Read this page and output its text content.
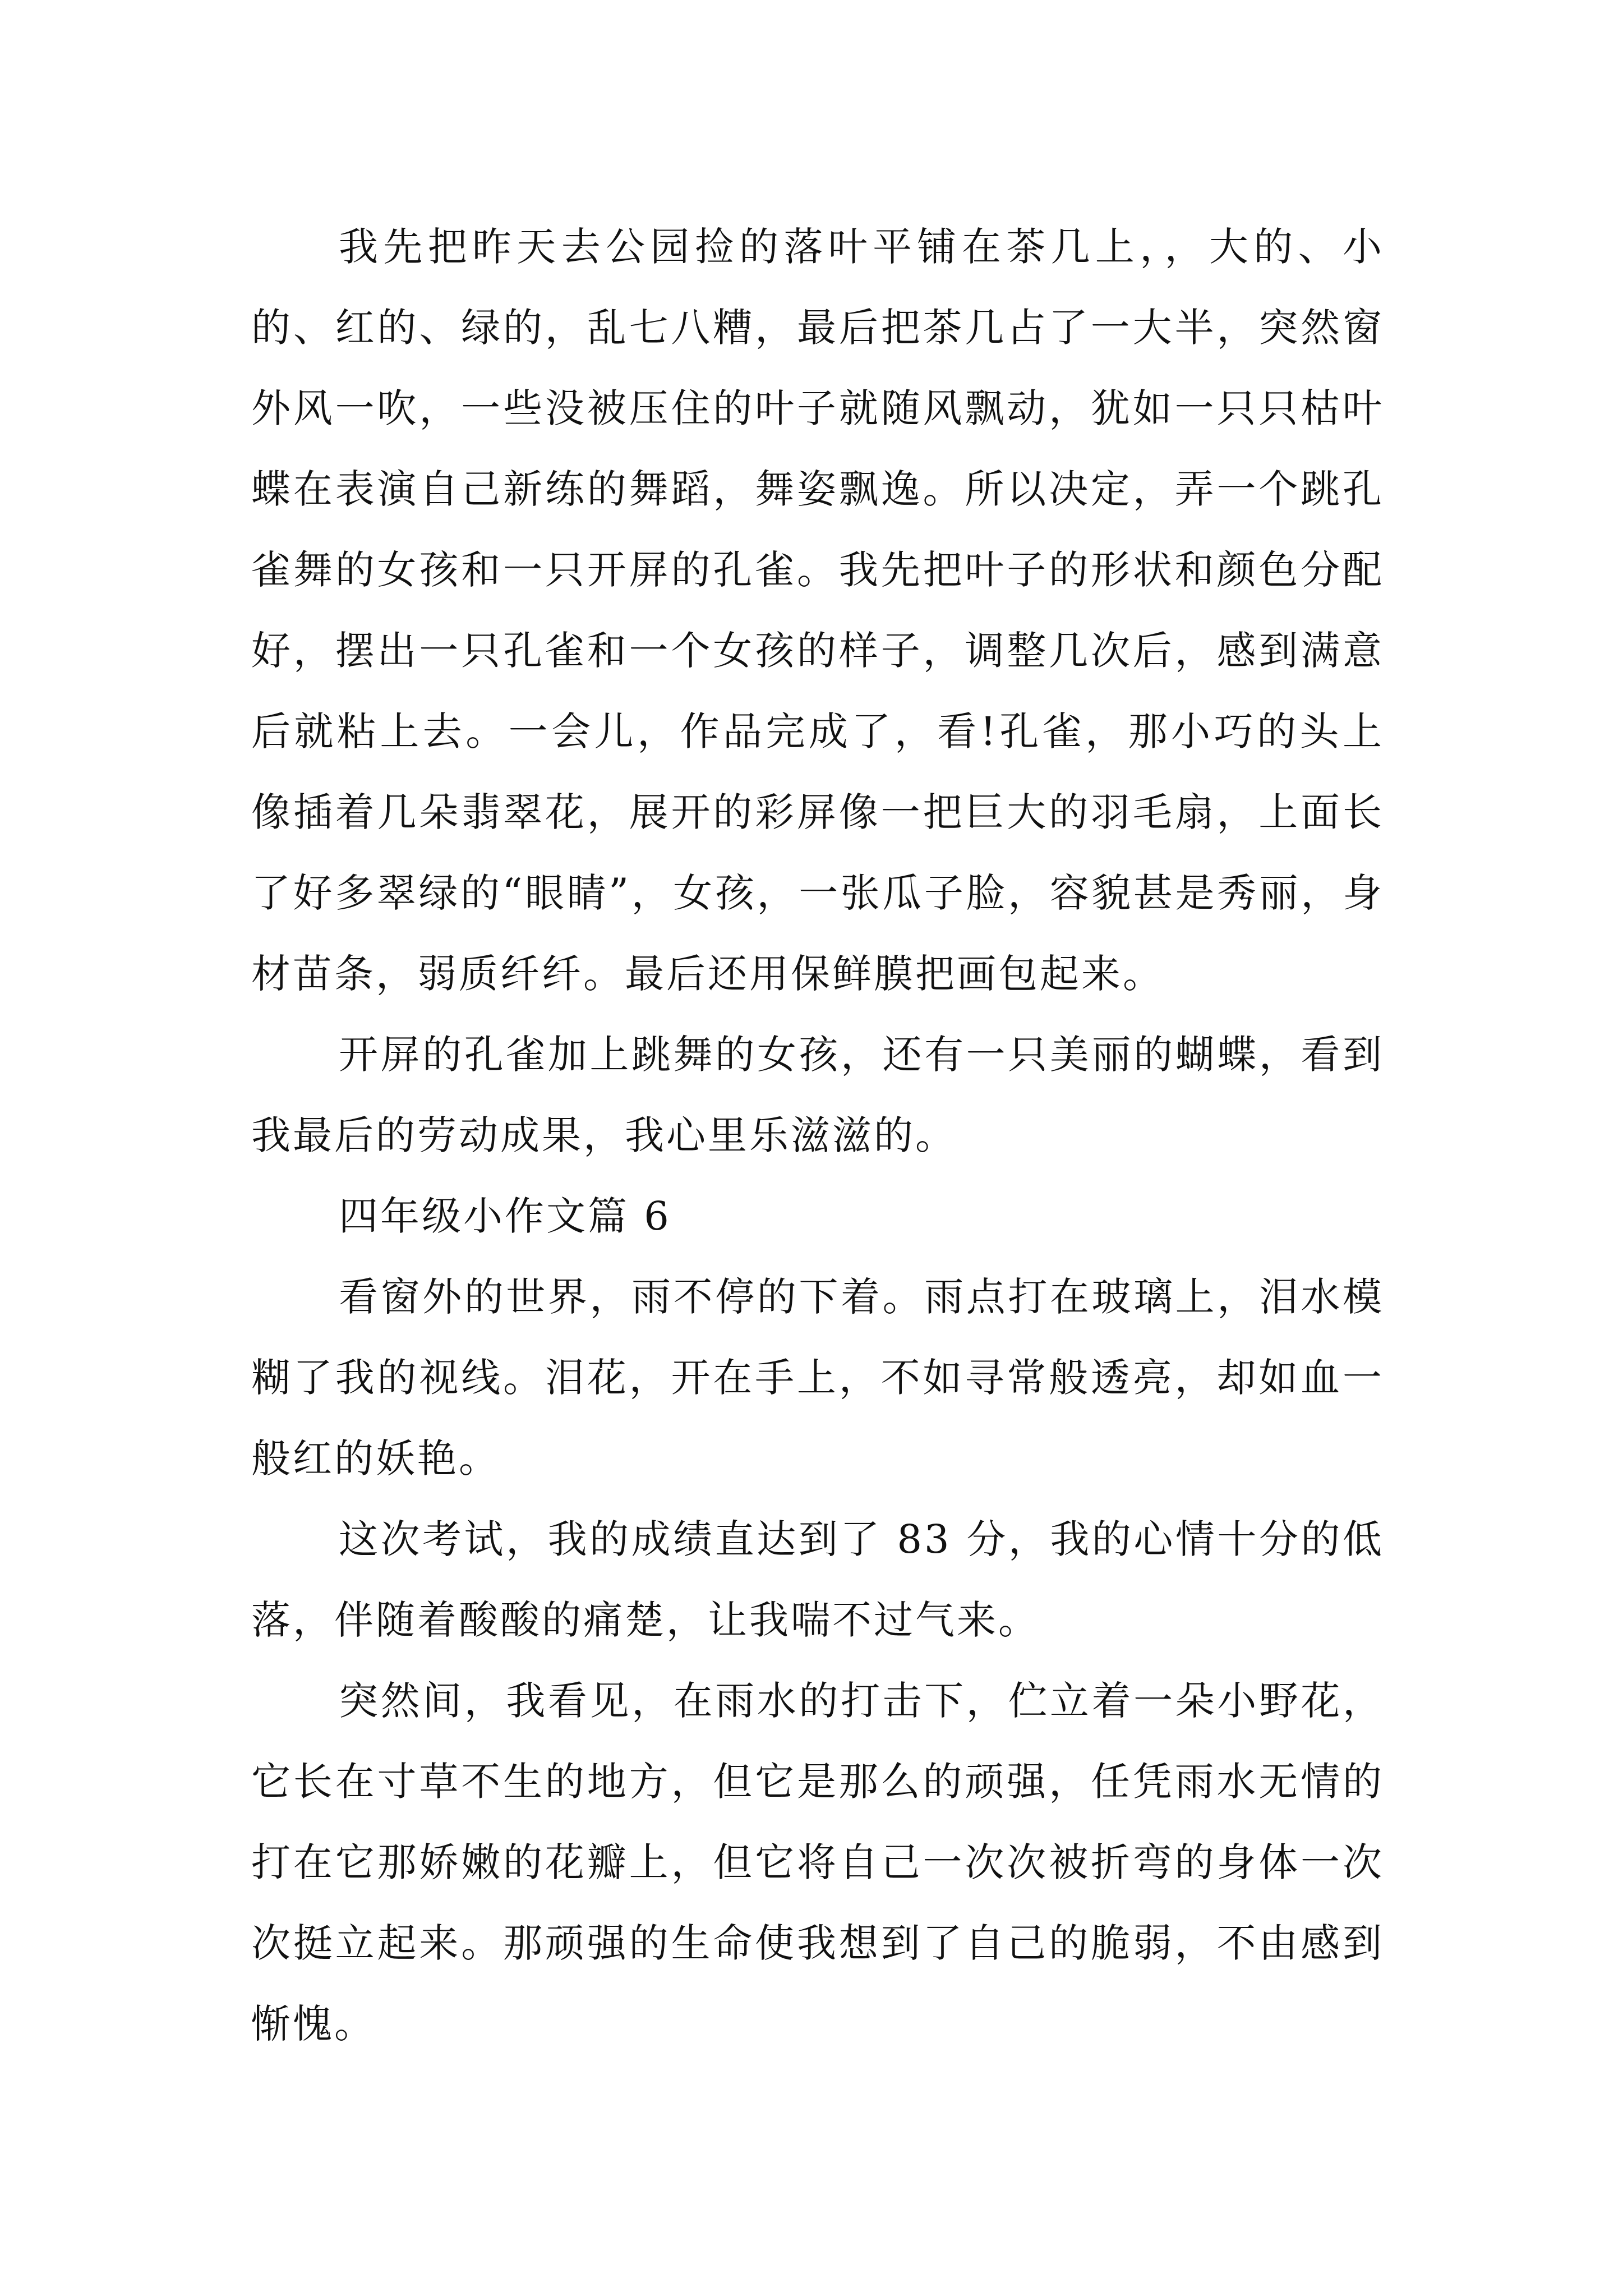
我先把昨天去公园捡的落叶平铺在茶几上，，大的、小的、红的、绿的，乱七八糟，最后把茶几占了一大半，突然窗外风一吹，一些没被压住的叶子就随风飘动，犹如一只只枯叶蝶在表演自己新练的舞蹈，舞姿飘逸。所以决定，弄一个跳孔雀舞的女孩和一只开屏的孔雀。我先把叶子的形状和颜色分配好，摆出一只孔雀和一个女孩的样子，调整几次后，感到满意后就粘上去。一会儿，作品完成了，看!孔雀，那小巧的头上像插着几朵翡翠花，展开的彩屏像一把巨大的羽毛扇，上面长了好多翠绿的“眼睛”，女孩，一张瓜子脸，容貌甚是秀丽，身材苗条，弱质纤纤。最后还用保鲜膜把画包起来。

开屏的孔雀加上跳舞的女孩，还有一只美丽的蝴蝶，看到我最后的劳动成果，我心里乐滋滋的。

四年级小作文篇 6

看窗外的世界，雨不停的下着。雨点打在玻璃上，泪水模糊了我的视线。泪花，开在手上，不如寻常般透亮，却如血一般红的妖艳。

这次考试，我的成绩直达到了 83 分，我的心情十分的低落，伴随着酸酸的痛楚，让我喘不过气来。

突然间，我看见，在雨水的打击下，伫立着一朵小野花，它长在寸草不生的地方，但它是那么的顽强，任凭雨水无情的打在它那娇嫩的花瓣上，但它将自己一次次被折弯的身体一次次挺立起来。那顽强的生命使我想到了自己的脆弱，不由感到惭愧。
